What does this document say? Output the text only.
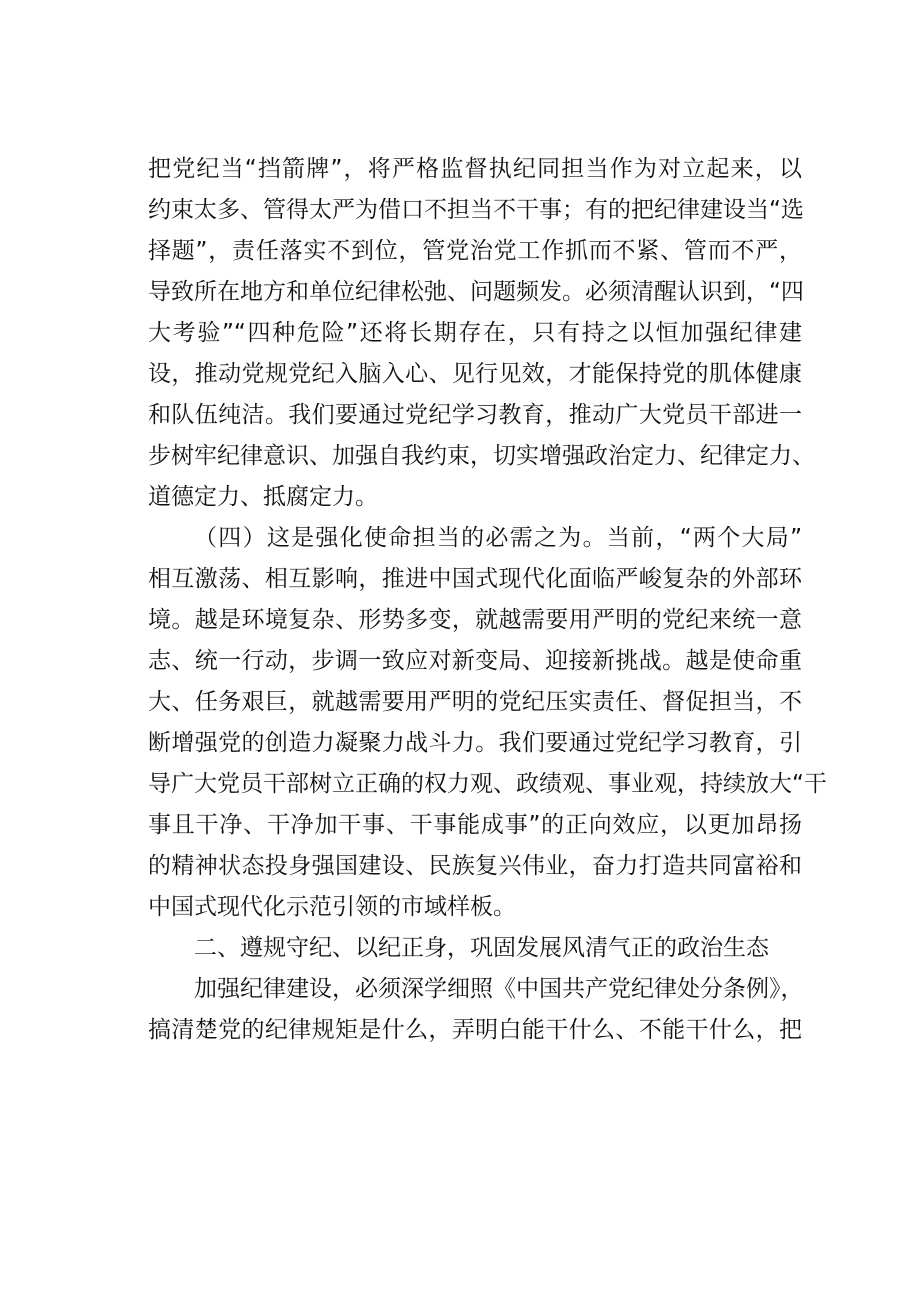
把党纪当“挡箭牌”，将严格监督执纪同担当作为对立起来，以
约束太多、管得太严为借口不担当不干事；有的把纪律建设当“选
择题”，责任落实不到位，管党治党工作抓而不紧、管而不严，
导致所在地方和单位纪律松弛、问题频发。必须清醒认识到，“四
大考验”“四种危险”还将长期存在，只有持之以恒加强纪律建
设，推动党规党纪入脑入心、见行见效，才能保持党的肌体健康
和队伍纯洁。我们要通过党纪学习教育，推动广大党员干部进一
步树牢纪律意识、加强自我约束，切实增强政治定力、纪律定力、
道德定力、抵腐定力。
（四）这是强化使命担当的必需之为。当前，“两个大局”
相互激荡、相互影响，推进中国式现代化面临严峻复杂的外部环
境。越是环境复杂、形势多变，就越需要用严明的党纪来统一意
志、统一行动，步调一致应对新变局、迎接新挑战。越是使命重
大、任务艰巨，就越需要用严明的党纪压实责任、督促担当，不
断增强党的创造力凝聚力战斗力。我们要通过党纪学习教育，引
导广大党员干部树立正确的权力观、政绩观、事业观，持续放大“干
事且干净、干净加干事、干事能成事”的正向效应，以更加昂扬
的精神状态投身强国建设、民族复兴伟业，奋力打造共同富裕和
中国式现代化示范引领的市域样板。
二、遵规守纪、以纪正身，巩固发展风清气正的政治生态
加强纪律建设，必须深学细照《中国共产党纪律处分条例》，
搞清楚党的纪律规矩是什么，弄明白能干什么、不能干什么，把
